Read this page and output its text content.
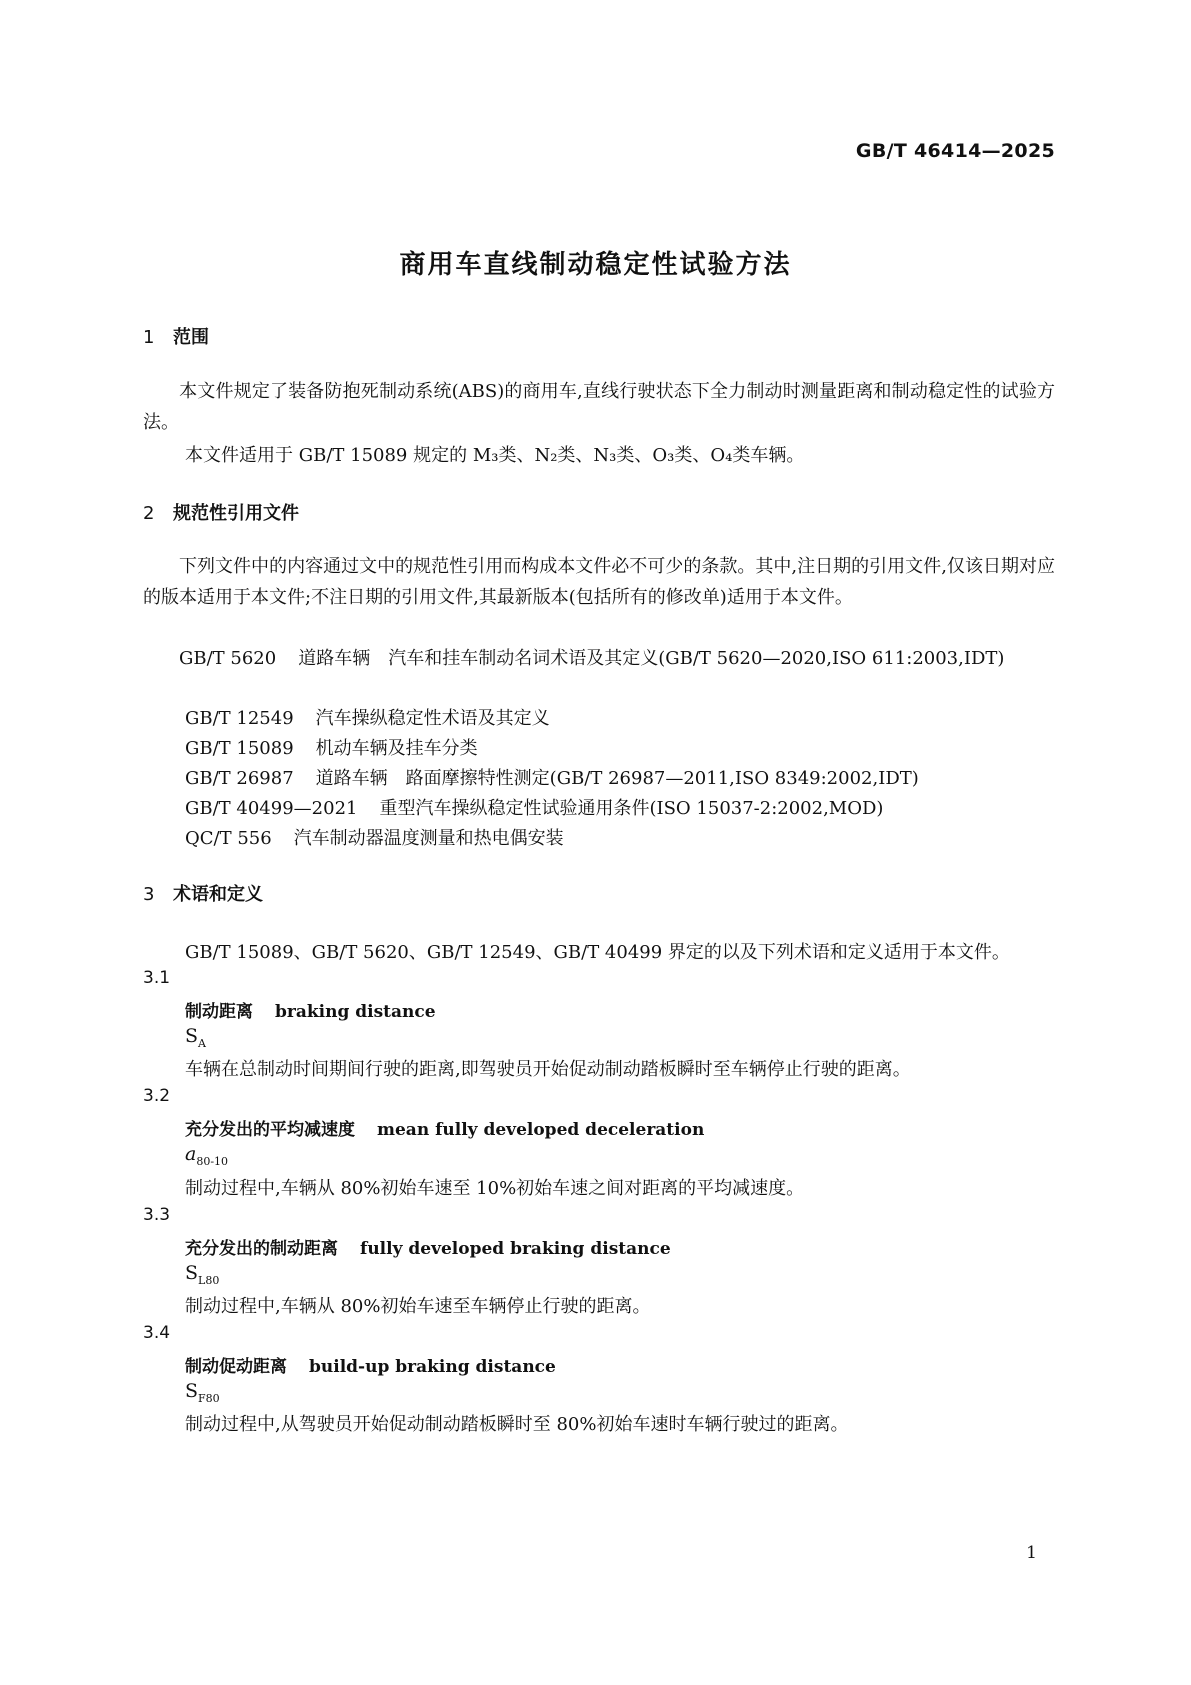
GB/T 46414—2025
商用车直线制动稳定性试验方法
1 范围
本文件规定了装备防抱死制动系统(ABS)的商用车,直线行驶状态下全力制动时测量距离和制动稳定性的试验方法。
本文件适用于 GB/T 15089 规定的 M₃类、N₂类、N₃类、O₃类、O₄类车辆。
2 规范性引用文件
下列文件中的内容通过文中的规范性引用而构成本文件必不可少的条款。其中,注日期的引用文件,仅该日期对应的版本适用于本文件;不注日期的引用文件,其最新版本(包括所有的修改单)适用于本文件。
GB/T 5620 道路车辆　汽车和挂车制动名词术语及其定义(GB/T 5620—2020,ISO 611:2003,IDT)
GB/T 12549 汽车操纵稳定性术语及其定义
GB/T 15089 机动车辆及挂车分类
GB/T 26987 道路车辆　路面摩擦特性测定(GB/T 26987—2011,ISO 8349:2002,IDT)
GB/T 40499—2021 重型汽车操纵稳定性试验通用条件(ISO 15037-2:2002,MOD)
QC/T 556 汽车制动器温度测量和热电偶安装
3 术语和定义
GB/T 15089、GB/T 5620、GB/T 12549、GB/T 40499 界定的以及下列术语和定义适用于本文件。
3.1
制动距离 braking distance
$S_A$
车辆在总制动时间期间行驶的距离,即驾驶员开始促动制动踏板瞬时至车辆停止行驶的距离。
3.2
充分发出的平均减速度 mean fully developed deceleration
$a_{80-10}$
制动过程中,车辆从 80%初始车速至 10%初始车速之间对距离的平均减速度。
3.3
充分发出的制动距离 fully developed braking distance
$S_{L80}$
制动过程中,车辆从 80%初始车速至车辆停止行驶的距离。
3.4
制动促动距离 build-up braking distance
$S_{F80}$
制动过程中,从驾驶员开始促动制动踏板瞬时至 80%初始车速时车辆行驶过的距离。
1
